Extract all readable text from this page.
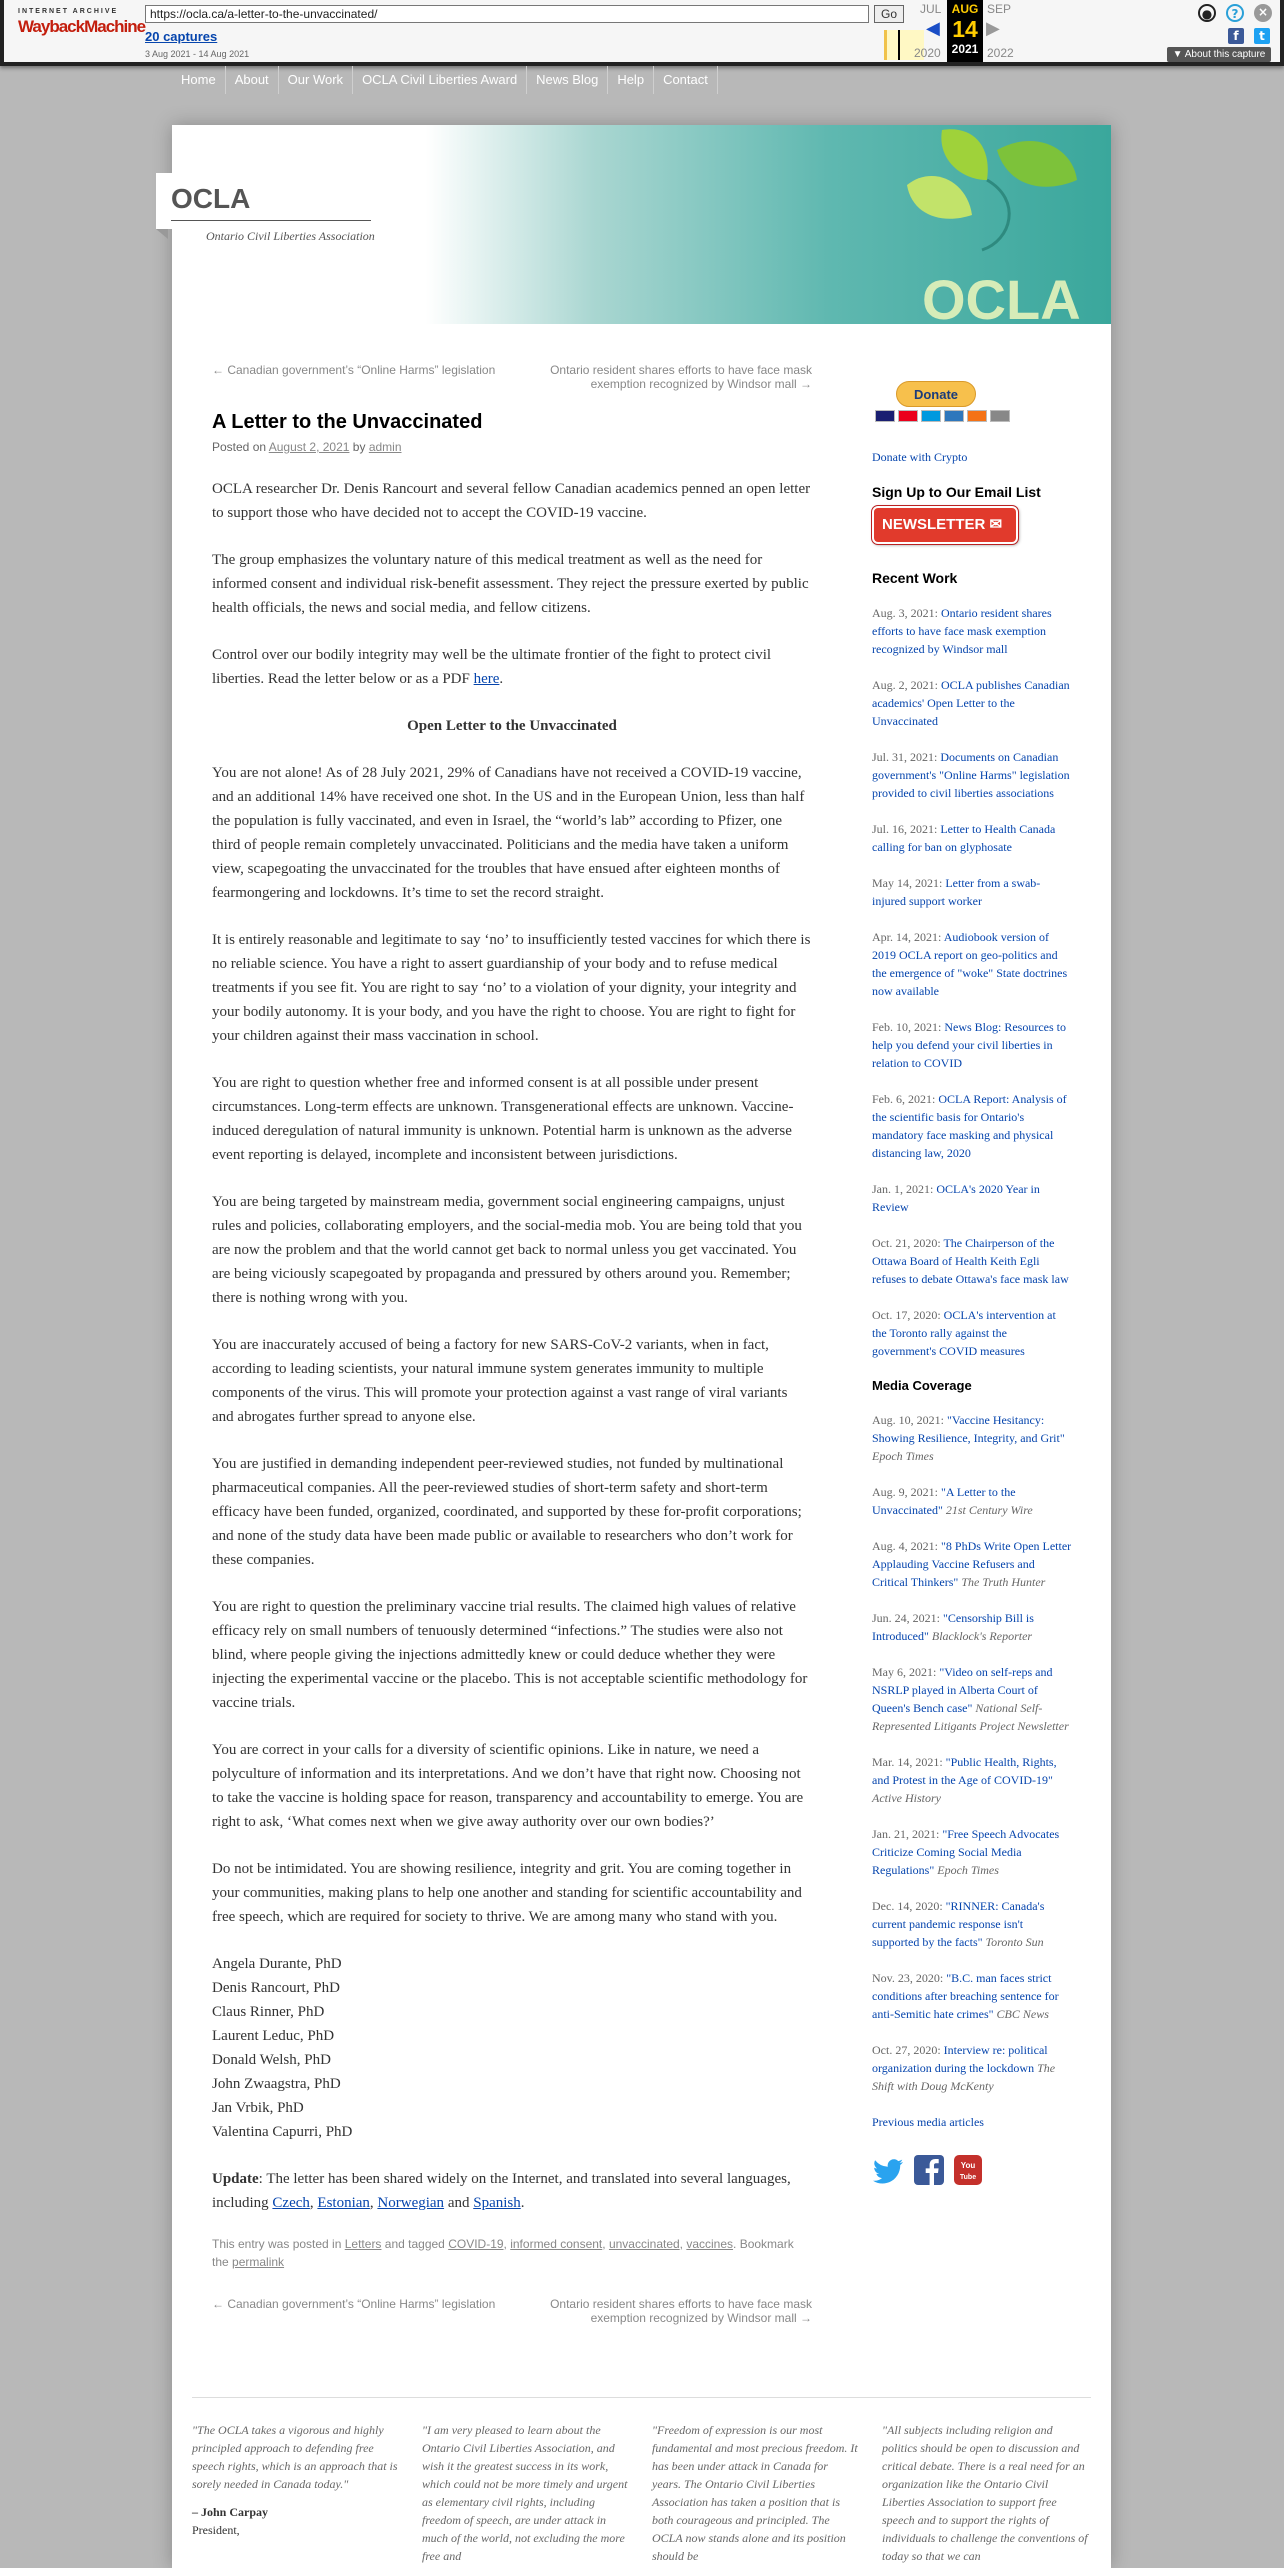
INTERNET ARCHIVE
WaybackMachine
https://ocla.ca/a-letter-to-the-unvaccinated/	Go
20 captures
3 Aug 2021 - 14 Aug 2021
JUL
2020
◀
AUG
14
2021
▶
SEP
2022
●	?	×
f	t
▼ About this capture
Home	About	Our Work	OCLA Civil Liberties Award	News Blog	Help	Contact
OCLA
OCLA
Ontario Civil Liberties Association
← Canadian government’s “Online Harms” legislation	Ontario resident shares efforts to have face mask exemption recognized by Windsor mall →
A Letter to the Unvaccinated
Posted on August 2, 2021 by admin

OCLA researcher Dr. Denis Rancourt and several fellow Canadian academics penned an open letter to support those who have decided not to accept the COVID-19 vaccine.

The group emphasizes the voluntary nature of this medical treatment as well as the need for informed consent and individual risk-benefit assessment. They reject the pressure exerted by public health officials, the news and social media, and fellow citizens.

Control over our bodily integrity may well be the ultimate frontier of the fight to protect civil liberties. Read the letter below or as a PDF here.

Open Letter to the Unvaccinated

You are not alone! As of 28 July 2021, 29% of Canadians have not received a COVID-19 vaccine, and an additional 14% have received one shot. In the US and in the European Union, less than half the population is fully vaccinated, and even in Israel, the “world’s lab” according to Pfizer, one third of people remain completely unvaccinated. Politicians and the media have taken a uniform view, scapegoating the unvaccinated for the troubles that have ensued after eighteen months of fearmongering and lockdowns. It’s time to set the record straight.

It is entirely reasonable and legitimate to say ‘no’ to insufficiently tested vaccines for which there is no reliable science. You have a right to assert guardianship of your body and to refuse medical treatments if you see fit. You are right to say ‘no’ to a violation of your dignity, your integrity and your bodily autonomy. It is your body, and you have the right to choose. You are right to fight for your children against their mass vaccination in school.

You are right to question whether free and informed consent is at all possible under present circumstances. Long-term effects are unknown. Transgenerational effects are unknown. Vaccine-induced deregulation of natural immunity is unknown. Potential harm is unknown as the adverse event reporting is delayed, incomplete and inconsistent between jurisdictions.

You are being targeted by mainstream media, government social engineering campaigns, unjust rules and policies, collaborating employers, and the social-media mob. You are being told that you are now the problem and that the world cannot get back to normal unless you get vaccinated. You are being viciously scapegoated by propaganda and pressured by others around you. Remember; there is nothing wrong with you.

You are inaccurately accused of being a factory for new SARS-CoV-2 variants, when in fact, according to leading scientists, your natural immune system generates immunity to multiple components of the virus. This will promote your protection against a vast range of viral variants and abrogates further spread to anyone else.

You are justified in demanding independent peer-reviewed studies, not funded by multinational pharmaceutical companies. All the peer-reviewed studies of short-term safety and short-term efficacy have been funded, organized, coordinated, and supported by these for-profit corporations; and none of the study data have been made public or available to researchers who don’t work for these companies.

You are right to question the preliminary vaccine trial results. The claimed high values of relative efficacy rely on small numbers of tenuously determined “infections.” The studies were also not blind, where people giving the injections admittedly knew or could deduce whether they were injecting the experimental vaccine or the placebo. This is not acceptable scientific methodology for vaccine trials.

You are correct in your calls for a diversity of scientific opinions. Like in nature, we need a polyculture of information and its interpretations. And we don’t have that right now. Choosing not to take the vaccine is holding space for reason, transparency and accountability to emerge. You are right to ask, ‘What comes next when we give away authority over our own bodies?’

Do not be intimidated. You are showing resilience, integrity and grit. You are coming together in your communities, making plans to help one another and standing for scientific accountability and free speech, which are required for society to thrive. We are among many who stand with you.

Angela Durante, PhD
Denis Rancourt, PhD
Claus Rinner, PhD
Laurent Leduc, PhD
Donald Welsh, PhD
John Zwaagstra, PhD
Jan Vrbik, PhD
Valentina Capurri, PhD

Update: The letter has been shared widely on the Internet, and translated into several languages, including Czech, Estonian, Norwegian and Spanish.

This entry was posted in Letters and tagged COVID-19, informed consent, unvaccinated, vaccines. Bookmark the permalink
← Canadian government’s “Online Harms” legislation	Ontario resident shares efforts to have face mask exemption recognized by Windsor mall →
Donate
Donate with Crypto
Sign Up to Our Email List
NEWSLETTER ✉
Recent Work
Aug. 3, 2021: Ontario resident shares efforts to have face mask exemption recognized by Windsor mall
Aug. 2, 2021: OCLA publishes Canadian academics' Open Letter to the Unvaccinated
Jul. 31, 2021: Documents on Canadian government's "Online Harms" legislation provided to civil liberties associations
Jul. 16, 2021: Letter to Health Canada calling for ban on glyphosate
May 14, 2021: Letter from a swab-injured support worker
Apr. 14, 2021: Audiobook version of 2019 OCLA report on geo-politics and the emergence of "woke" State doctrines now available
Feb. 10, 2021: News Blog: Resources to help you defend your civil liberties in relation to COVID
Feb. 6, 2021: OCLA Report: Analysis of the scientific basis for Ontario's mandatory face masking and physical distancing law, 2020
Jan. 1, 2021: OCLA's 2020 Year in Review
Oct. 21, 2020: The Chairperson of the Ottawa Board of Health Keith Egli refuses to debate Ottawa's face mask law
Oct. 17, 2020: OCLA's intervention at the Toronto rally against the government's COVID measures
Media Coverage
Aug. 10, 2021: "Vaccine Hesitancy: Showing Resilience, Integrity, and Grit" Epoch Times
Aug. 9, 2021: "A Letter to the Unvaccinated" 21st Century Wire
Aug. 4, 2021: "8 PhDs Write Open Letter Applauding Vaccine Refusers and Critical Thinkers" The Truth Hunter
Jun. 24, 2021: "Censorship Bill is Introduced" Blacklock's Reporter
May 6, 2021: "Video on self-reps and NSRLP played in Alberta Court of Queen's Bench case" National Self-Represented Litigants Project Newsletter
Mar. 14, 2021: "Public Health, Rights, and Protest in the Age of COVID-19" Active History
Jan. 21, 2021: "Free Speech Advocates Criticize Coming Social Media Regulations" Epoch Times
Dec. 14, 2020: "RINNER: Canada's current pandemic response isn't supported by the facts" Toronto Sun
Nov. 23, 2020: "B.C. man faces strict conditions after breaching sentence for anti-Semitic hate crimes" CBC News
Oct. 27, 2020: Interview re: political organization during the lockdown The Shift with Doug McKenty
Previous media articles
You
Tube
"The OCLA takes a vigorous and highly principled approach to defending free speech rights, which is an approach that is sorely needed in Canada today."
– John Carpay
President,
"I am very pleased to learn about the Ontario Civil Liberties Association, and wish it the greatest success in its work, which could not be more timely and urgent as elementary civil rights, including freedom of speech, are under attack in much of the world, not excluding the more free and
"Freedom of expression is our most fundamental and most precious freedom. It has been under attack in Canada for years. The Ontario Civil Liberties Association has taken a position that is both courageous and principled. The OCLA now stands alone and its position should be
"All subjects including religion and politics should be open to discussion and critical debate. There is a real need for an organization like the Ontario Civil Liberties Association to support free speech and to support the rights of individuals to challenge the conventions of today so that we can
